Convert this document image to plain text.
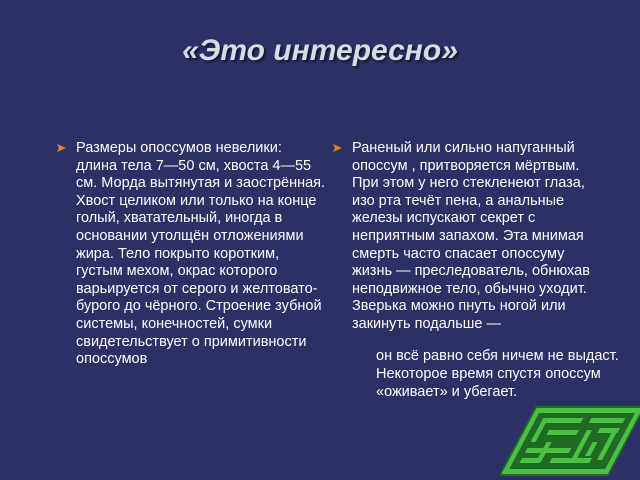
«Это интересно»

Размеры опоссумов невелики: длина тела 7—50 см, хвоста 4—55 см. Морда вытянутая и заострённая. Хвост целиком или только на конце голый, хватательный, иногда в основании утолщён отложениями жира. Тело покрыто коротким, густым мехом, окрас которого варьируется от серого и желтовато-бурого до чёрного. Строение зубной системы, конечностей, сумки свидетельствует о примитивности опоссумов

Раненый или сильно напуганный опоссум , притворяется мёртвым. При этом у него стекленеют глаза, изо рта течёт пена, а анальные железы испускают секрет с неприятным запахом. Эта мнимая смерть часто спасает опоссуму жизнь — преследователь, обнюхав неподвижное тело, обычно уходит. Зверька можно пнуть ногой или закинуть подальше —

он всё равно себя ничем не выдаст. Некоторое время спустя опоссум «оживает» и убегает.
